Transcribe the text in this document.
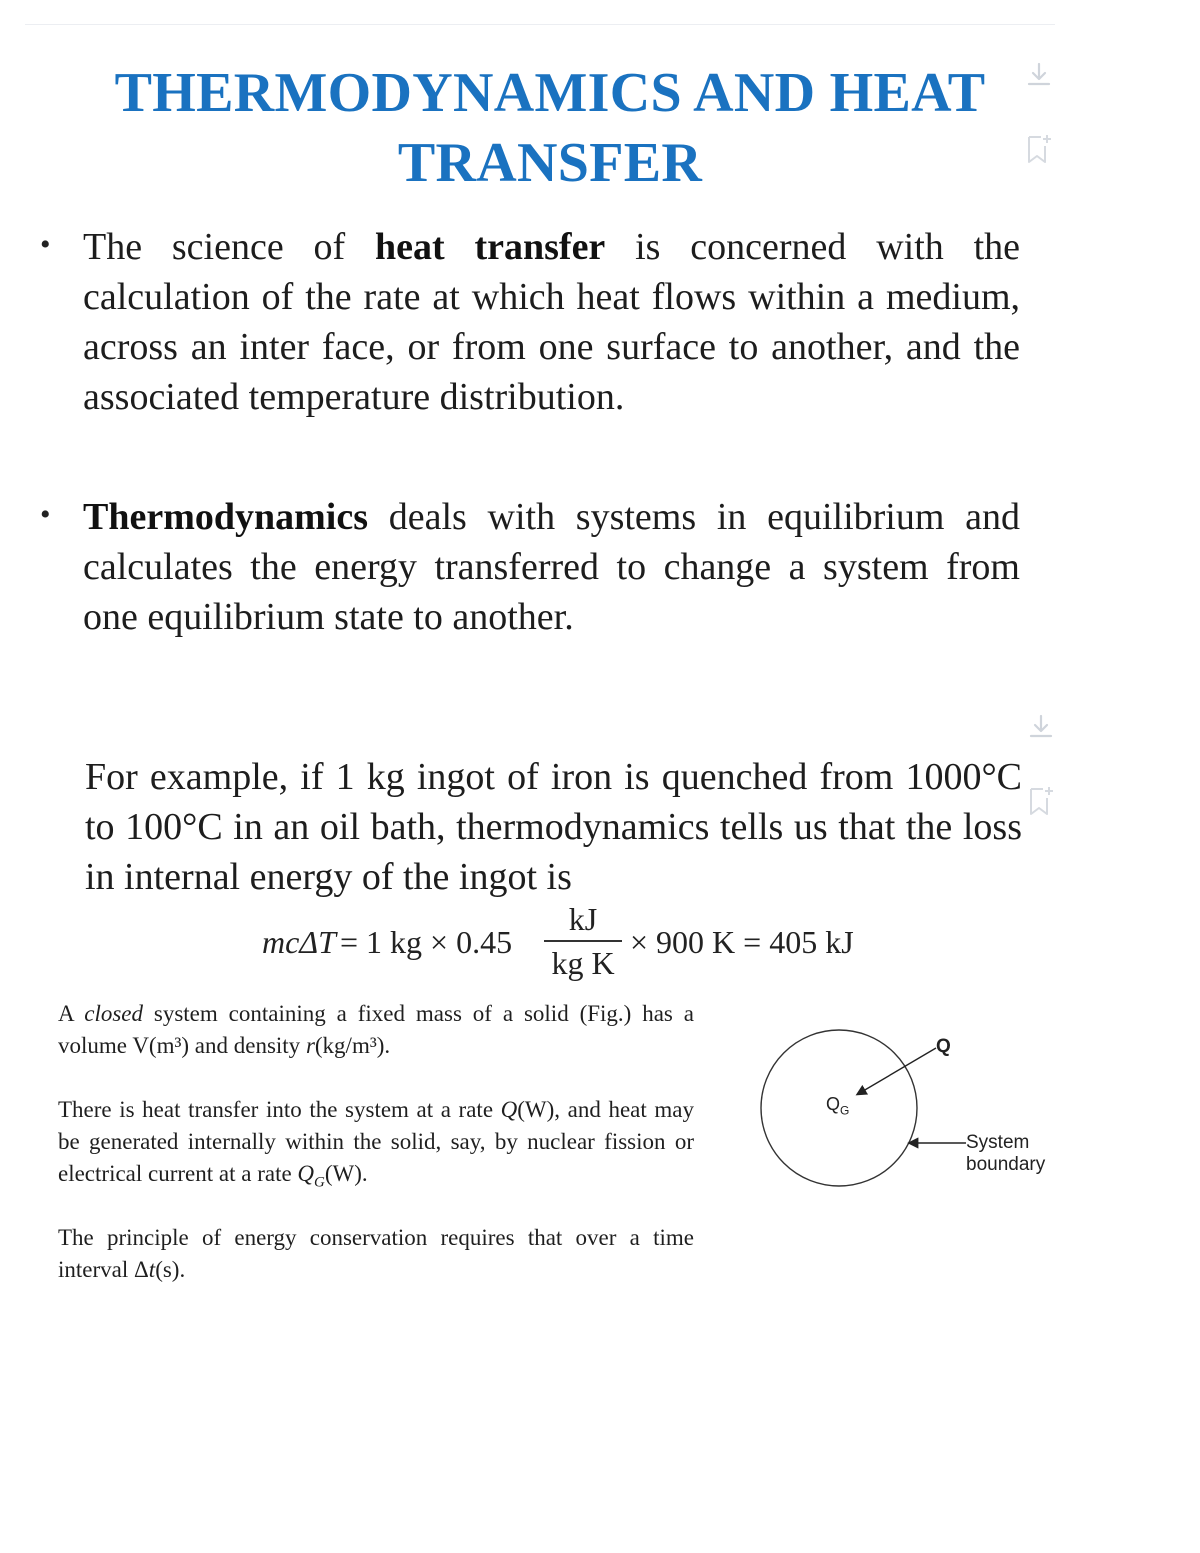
THERMODYNAMICS AND HEAT
TRANSFER
• The science of heat transfer is concerned with the calculation of the rate at which heat flows within a medium, across an inter face, or from one surface to another, and the associated temperature distribution.
• Thermodynamics deals with systems in equilibrium and calculates the energy transferred to change a system from one equilibrium state to another.
For example, if 1 kg ingot of iron is quenched from 1000°C to 100°C in an oil bath, thermodynamics tells us that the loss in internal energy of the ingot is
mcΔT = 1 kg × 0.45
kJ
kg K
× 900 K = 405 kJ
A closed system containing a fixed mass of a solid (Fig.) has a volume V(m³) and density r(kg/m³).
There is heat transfer into the system at a rate Q(W), and heat may be generated internally within the solid, say, by nuclear fission or electrical current at a rate $Q_G(W)$.
The principle of energy conservation requires that over a time interval Δt(s).
Q
$Q_G$
System
boundary
